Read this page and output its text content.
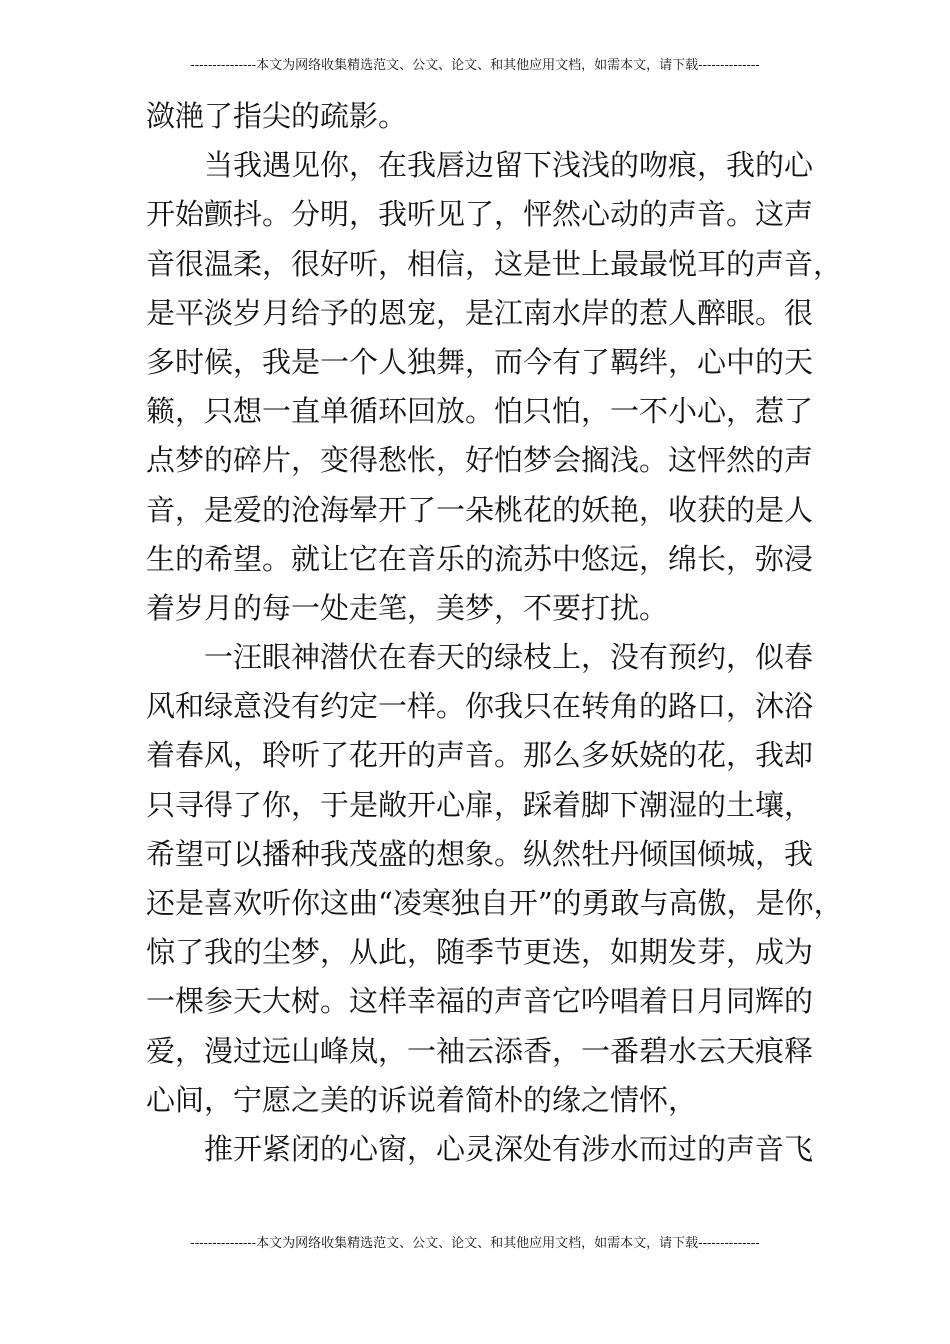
---------------本文为网络收集精选范文、公文、论文、和其他应用文档，如需本文，请下载--------------
潋滟了指尖的疏影。
当我遇见你，在我唇边留下浅浅的吻痕，我的心
开始颤抖。分明，我听见了，怦然心动的声音。这声
音很温柔，很好听，相信，这是世上最最悦耳的声音，
是平淡岁月给予的恩宠，是江南水岸的惹人醉眼。很
多时候，我是一个人独舞，而今有了羁绊，心中的天
籁，只想一直单循环回放。怕只怕，一不小心，惹了
点梦的碎片，变得愁怅，好怕梦会搁浅。这怦然的声
音，是爱的沧海晕开了一朵桃花的妖艳，收获的是人
生的希望。就让它在音乐的流苏中悠远，绵长，弥浸
着岁月的每一处走笔，美梦，不要打扰。
一汪眼神潜伏在春天的绿枝上，没有预约，似春
风和绿意没有约定一样。你我只在转角的路口，沐浴
着春风，聆听了花开的声音。那么多妖娆的花，我却
只寻得了你，于是敞开心扉，踩着脚下潮湿的土壤，
希望可以播种我茂盛的想象。纵然牡丹倾国倾城，我
还是喜欢听你这曲“凌寒独自开”的勇敢与高傲，是你，
惊了我的尘梦，从此，随季节更迭，如期发芽，成为
一棵参天大树。这样幸福的声音它吟唱着日月同辉的
爱，漫过远山峰岚，一袖云添香，一番碧水云天痕释
心间，宁愿之美的诉说着简朴的缘之情怀，
推开紧闭的心窗，心灵深处有涉水而过的声音飞
---------------本文为网络收集精选范文、公文、论文、和其他应用文档，如需本文，请下载--------------
